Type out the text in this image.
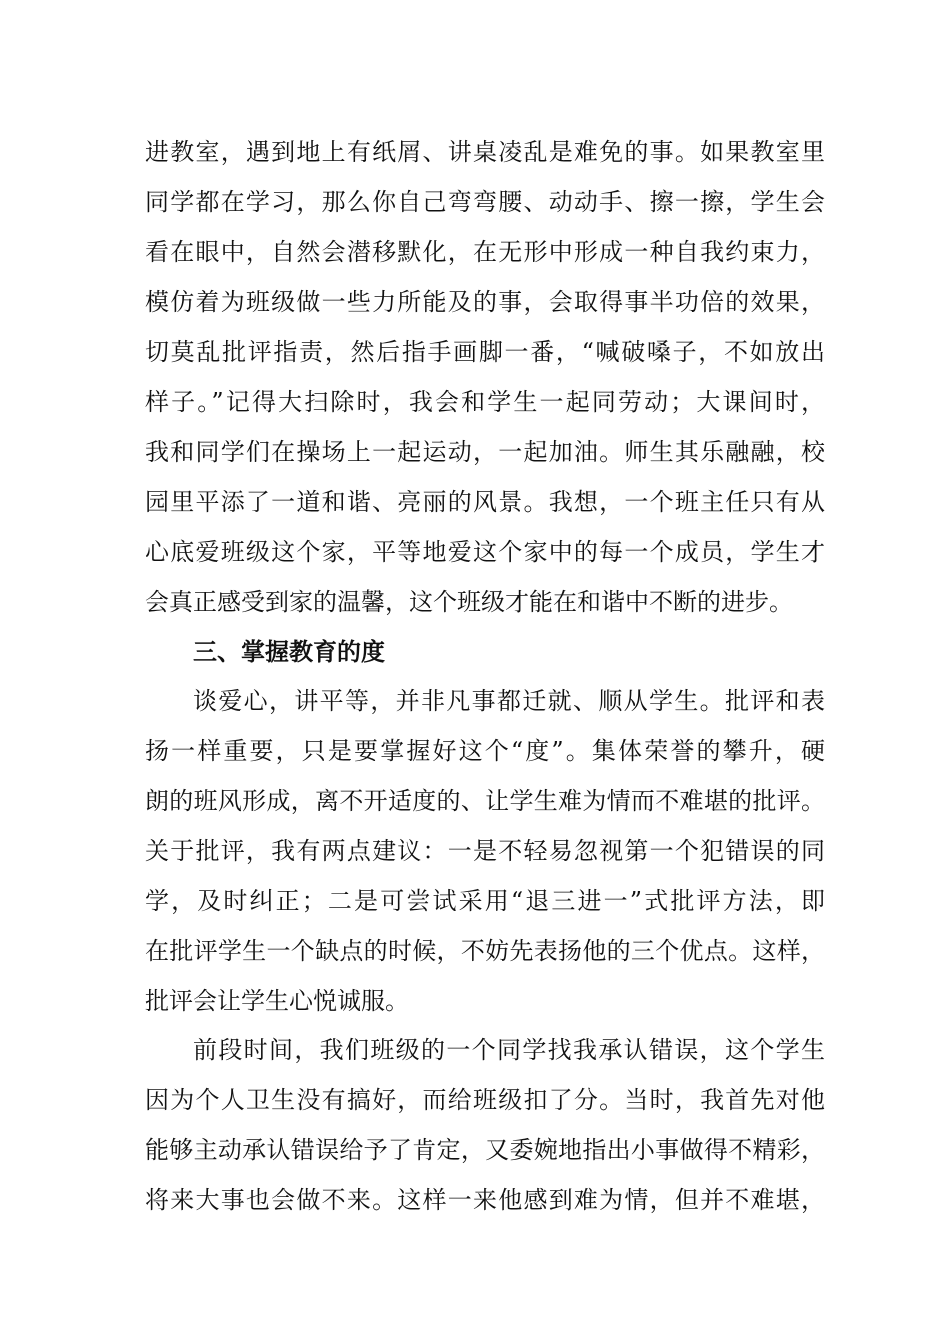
进教室，遇到地上有纸屑、讲桌凌乱是难免的事。如果教室里
同学都在学习，那么你自己弯弯腰、动动手、擦一擦，学生会
看在眼中，自然会潜移默化，在无形中形成一种自我约束力，
模仿着为班级做一些力所能及的事，会取得事半功倍的效果，
切莫乱批评指责，然后指手画脚一番，“喊破嗓子，不如放出
样子。”记得大扫除时，我会和学生一起同劳动；大课间时，
我和同学们在操场上一起运动，一起加油。师生其乐融融，校
园里平添了一道和谐、亮丽的风景。我想，一个班主任只有从
心底爱班级这个家，平等地爱这个家中的每一个成员，学生才
会真正感受到家的温馨，这个班级才能在和谐中不断的进步。
三、掌握教育的度
谈爱心，讲平等，并非凡事都迁就、顺从学生。批评和表
扬一样重要，只是要掌握好这个“度”。集体荣誉的攀升，硬
朗的班风形成，离不开适度的、让学生难为情而不难堪的批评。
关于批评，我有两点建议：一是不轻易忽视第一个犯错误的同
学，及时纠正；二是可尝试采用“退三进一”式批评方法，即
在批评学生一个缺点的时候，不妨先表扬他的三个优点。这样，
批评会让学生心悦诚服。
前段时间，我们班级的一个同学找我承认错误，这个学生
因为个人卫生没有搞好，而给班级扣了分。当时，我首先对他
能够主动承认错误给予了肯定，又委婉地指出小事做得不精彩，
将来大事也会做不来。这样一来他感到难为情，但并不难堪，
